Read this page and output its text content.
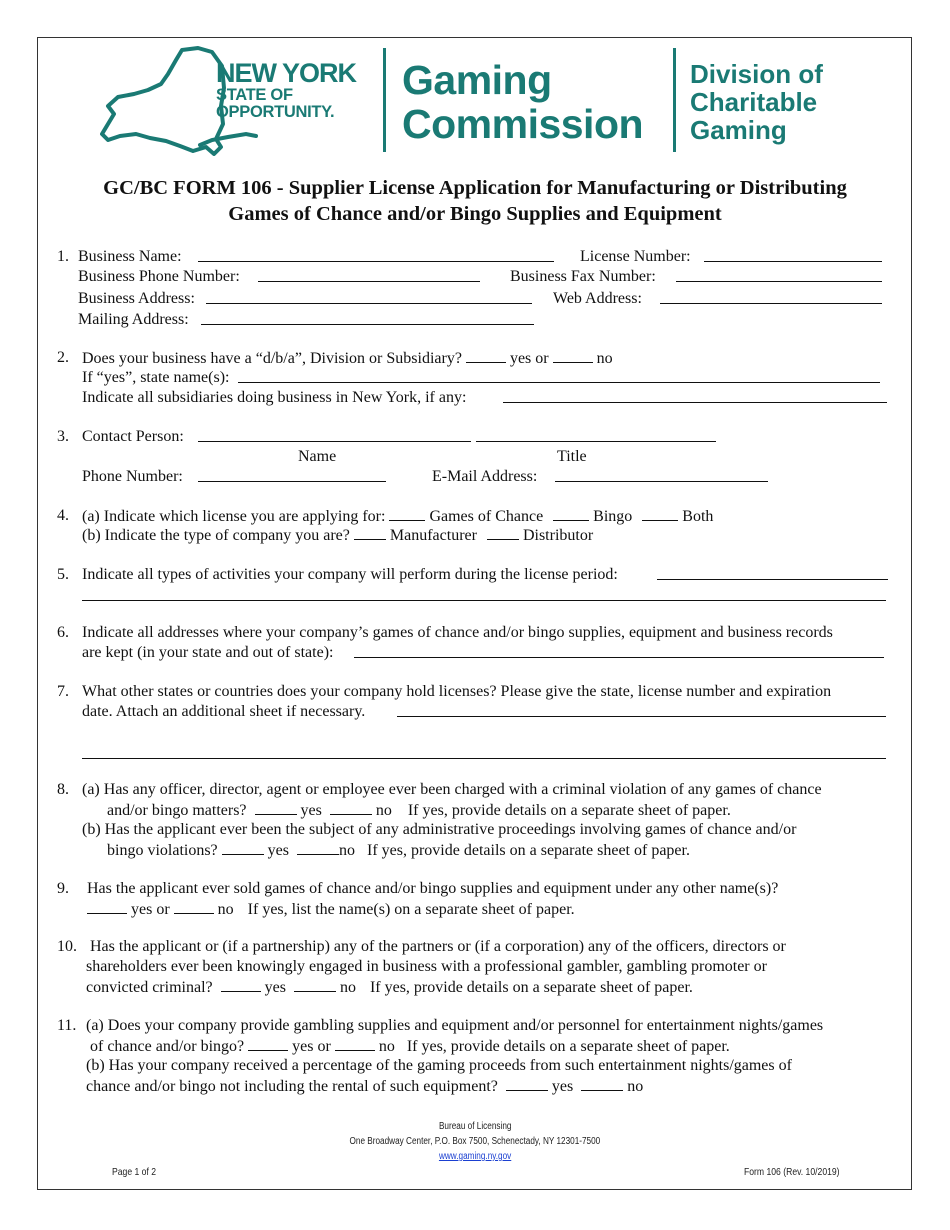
NEW YORK
STATE OF
OPPORTUNITY.
Gaming
Commission
Division of
Charitable
Gaming
GC/BC FORM 106 - Supplier License Application for Manufacturing or Distributing
Games of Chance and/or Bingo Supplies and Equipment
1. Business Name:	License Number:
Business Phone Number:	Business Fax Number:
Business Address:	Web Address:
Mailing Address:
2. Does your business have a “d/b/a”, Division or Subsidiary?	yes or	no
If “yes”, state name(s):
Indicate all subsidiaries doing business in New York, if any:
3. Contact Person:
Name	Title
Phone Number:	E-Mail Address:
4. (a) Indicate which license you are applying for:	Games of Chance	Bingo	Both
(b) Indicate the type of company you are?	Manufacturer	Distributor
5. Indicate all types of activities your company will perform during the license period:
6. Indicate all addresses where your company’s games of chance and/or bingo supplies, equipment and business records
are kept (in your state and out of state):
7. What other states or countries does your company hold licenses? Please give the state, license number and expiration
date. Attach an additional sheet if necessary.
8. (a) Has any officer, director, agent or employee ever been charged with a criminal violation of any games of chance
and/or bingo matters?	yes	no If yes, provide details on a separate sheet of paper.
(b) Has the applicant ever been the subject of any administrative proceedings involving games of chance and/or
bingo violations?	yes	no If yes, provide details on a separate sheet of paper.
9. Has the applicant ever sold games of chance and/or bingo supplies and equipment under any other name(s)?
yes or	no If yes, list the name(s) on a separate sheet of paper.
10. Has the applicant or (if a partnership) any of the partners or (if a corporation) any of the officers, directors or
shareholders ever been knowingly engaged in business with a professional gambler, gambling promoter or
convicted criminal?	yes	no If yes, provide details on a separate sheet of paper.
11. (a) Does your company provide gambling supplies and equipment and/or personnel for entertainment nights/games
of chance and/or bingo?	yes or	no If yes, provide details on a separate sheet of paper.
(b) Has your company received a percentage of the gaming proceeds from such entertainment nights/games of
chance and/or bingo not including the rental of such equipment?	yes	no
Bureau of Licensing
One Broadway Center, P.O. Box 7500, Schenectady, NY 12301-7500
www.gaming.ny.gov
Page 1 of 2	Form 106 (Rev. 10/2019)
